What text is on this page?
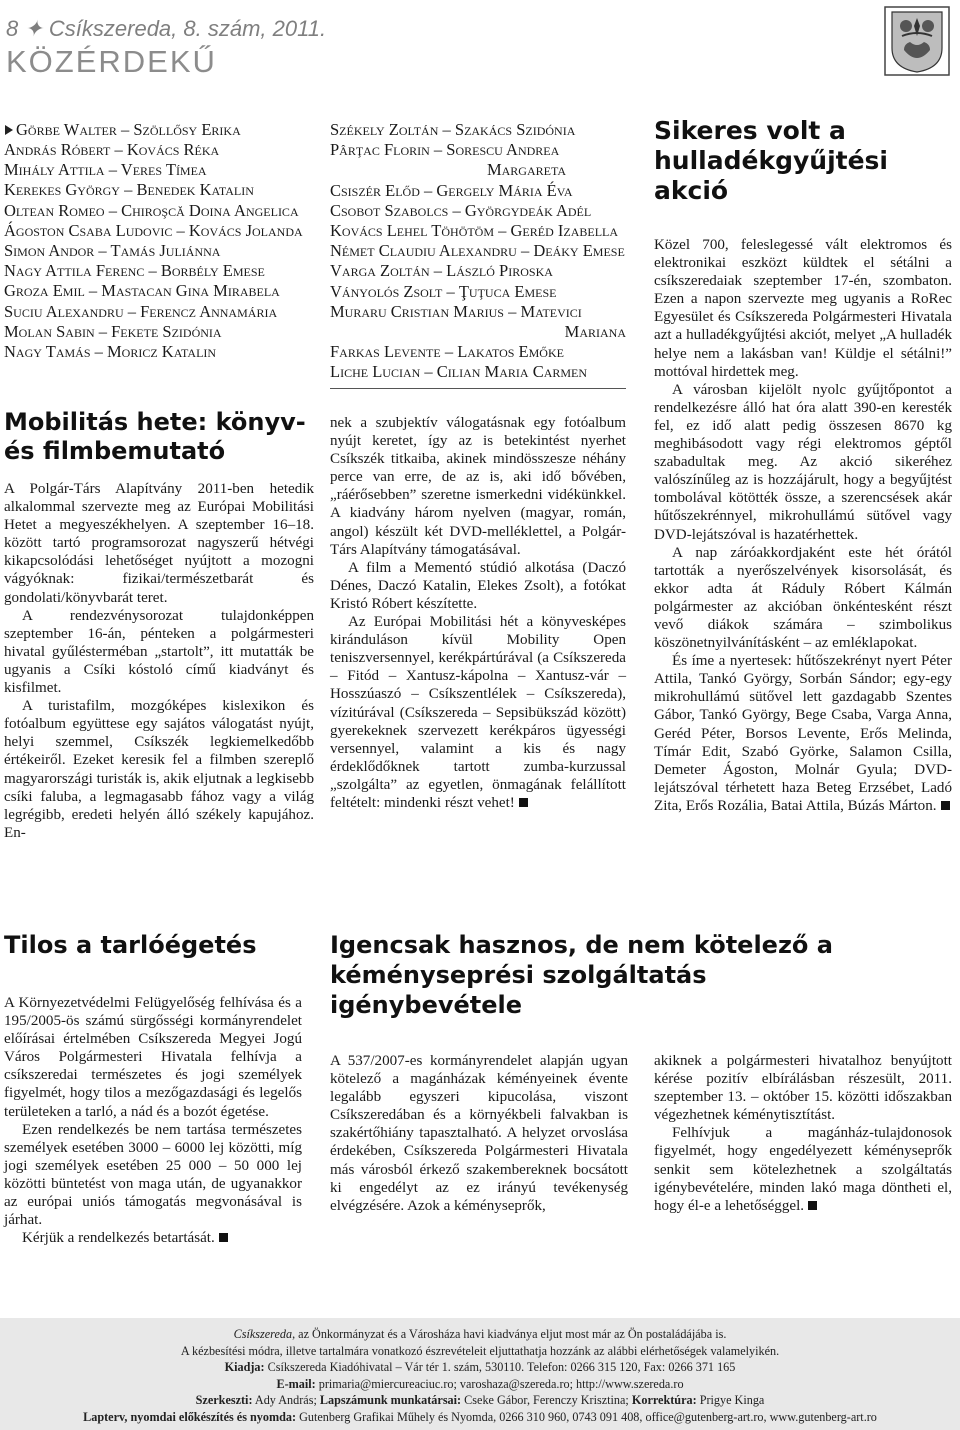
8 ✦ Csíkszereda, 8. szám, 2011.
KÖZÉRDEKŰ
Görbe Walter – Szöllősy Erika
András Róbert – Kovács Réka
Mihály Attila – Veres Tímea
Kerekes György – Benedek Katalin
Oltean Romeo – Chiroşcă Doina Angelica
Ágoston Csaba Ludovic – Kovács Jolanda
Simon Andor – Tamás Juliánna
Nagy Attila Ferenc – Borbély Emese
Groza Emil – Mastacan Gina Mirabela
Suciu Alexandru – Ferencz Annamária
Molan Sabin – Fekete Szidónia
Nagy Tamás – Moricz Katalin
Székely Zoltán – Szakács Szidónia
Pârţac Florin – Sorescu Andrea
Margareta
Csiszér Előd – Gergely Mária Éva
Csobot Szabolcs – Györgydeák Adél
Kovács Lehel Töhötöm – Geréd Izabella
Német Claudiu Alexandru – Deáky Emese
Varga Zoltán – László Piroska
Ványolós Zsolt – Ţuţuca Emese
Muraru Cristian Marius – Matevici
Mariana
Farkas Levente – Lakatos Emőke
Liche Lucian – Cilian Maria Carmen
Mobilitás hete: könyv- és filmbemutató

A Polgár-Társ Alapítvány 2011-ben hetedik alkalommal szervezte meg az Európai Mobilitási Hetet a megyeszékhelyen. A szeptember 16–18. között tartó programsorozat nagyszerű hétvégi kikapcsolódási lehetőséget nyújtott a mozogni vágyóknak: fizikai/természetbarát és gondolati/könyvbarát teret.

A rendezvénysorozat tulajdonképpen szeptember 16-án, pénteken a polgármesteri hivatal gyűlésterméban „startolt”, itt mutatták be ugyanis a Csíki kóstoló című kiadványt és kisfilmet.

A turistafilm, mozgóképes kislexikon és fotóalbum együttese egy sajátos válogatást nyújt, helyi szemmel, Csíkszék legkiemelkedőbb értékeiről. Ezeket keresik fel a filmben szereplő magyarországi turisták is, akik eljutnak a legkisebb csíki faluba, a legmagasabb fához vagy a világ legrégibb, eredeti helyén álló székely kapujához. En-

nek a szubjektív válogatásnak egy fotóalbum nyújt keretet, így az is betekintést nyerhet Csíkszék titkaiba, akinek mindösszesze néhány perce van erre, de az is, aki idő bővében, „ráérősebben” szeretne ismerkedni vidékünkkel. A kiadvány három nyelven (magyar, román, angol) készült két DVD-melléklettel, a Polgár-Társ Alapítvány támogatásával.

A film a Mementó stúdió alkotása (Daczó Dénes, Daczó Katalin, Elekes Zsolt), a fotókat Kristó Róbert készítette.

Az Európai Mobilitási hét a könyvesképes kiránduláson kívül Mobility Open teniszversennyel, kerékpártúrával (a Csíkszereda – Fitód – Xantusz-kápolna – Xantusz-vár – Hosszúaszó – Csíkszentlélek – Csíkszereda), vízitúrával (Csíkszereda – Sepsibükszád között) gyerekeknek szervezett kerékpáros ügyességi versennyel, valamint a kis és nagy érdeklődőknek tartott zumba-kurzussal „szolgálta” az egyetlen, önmagának felállított feltételt: mindenki részt vehet!

Sikeres volt a hulladékgyűjtési akció

Közel 700, feleslegessé vált elektromos és elektronikai eszközt küldtek el sétálni a csíkszeredaiak szeptember 17-én, szombaton. Ezen a napon szervezte meg ugyanis a RoRec Egyesület és Csíkszereda Polgármesteri Hivatala azt a hulladékgyűjtési akciót, melyet „A hulladék helye nem a lakásban van! Küldje el sétálni!” mottóval hirdettek meg.

A városban kijelölt nyolc gyűjtőpontot a rendelkezésre álló hat óra alatt 390-en keresték fel, ez idő alatt pedig összesen 8670 kg meghibásodott vagy régi elektromos géptől szabadultak meg. Az akció sikeréhez valószínűleg az is hozzájárult, hogy a begyűjtést tombolával kötötték össze, a szerencsések akár hűtőszekrénnyel, mikrohullámú sütővel vagy DVD-lejátszóval is hazatérhettek.

A nap záróakkordjaként este hét órától tartották a nyerőszelvények kisorsolását, és ekkor adta át Ráduly Róbert Kálmán polgármester az akcióban önkéntesként részt vevő diákok számára – szimbolikus köszönetnyilvánításként – az emléklapokat.

És íme a nyertesek: hűtőszekrényt nyert Péter Attila, Tankó György, Sorbán Sándor; egy-egy mikrohullámú sütővel lett gazdagabb Szentes Gábor, Tankó György, Bege Csaba, Varga Anna, Geréd Péter, Borsos Levente, Erős Melinda, Tímár Edit, Szabó Györke, Salamon Csilla, Demeter Ágoston, Molnár Gyula; DVD-lejátszóval térhetett haza Beteg Erzsébet, Ladó Zita, Erős Rozália, Batai Attila, Búzás Márton.

Tilos a tarlóégetés

A Környezetvédelmi Felügyelőség felhívása és a 195/2005-ös számú sürgősségi kormányrendelet előírásai értelmében Csíkszereda Megyei Jogú Város Polgármesteri Hivatala felhívja a csíkszeredai természetes és jogi személyek figyelmét, hogy tilos a mezőgazdasági és legelős területeken a tarló, a nád és a bozót égetése.

Ezen rendelkezés be nem tartása természetes személyek esetében 3000 – 6000 lej közötti, míg jogi személyek esetében 25 000 – 50 000 lej közötti büntetést von maga után, de ugyanakkor az európai uniós támogatás megvonásával is járhat.

Kérjük a rendelkezés betartását.

Igencsak hasznos, de nem kötelező a kéményseprési szolgáltatás igénybevétele

A 537/2007-es kormányrendelet alapján ugyan kötelező a magánházak kéményeinek évente legalább egyszeri kipucolása, viszont Csíkszeredában és a környékbeli falvakban is szakértőhiány tapasztalható. A helyzet orvoslása érdekében, Csíkszereda Polgármesteri Hivatala más városból érkező szakembereknek bocsátott ki engedélyt az ez irányú tevékenység elvégzésére. Azok a kéményseprők,

akiknek a polgármesteri hivatalhoz benyújtott kérése pozitív elbírálásban részesült, 2011. szeptember 13. – október 15. közötti időszakban végezhetnek kéménytisztítást.

Felhívjuk a magánház-tulajdonosok figyelmét, hogy engedélyezett kéményseprők senkit sem kötelezhetnek a szolgáltatás igénybevételére, minden lakó maga döntheti el, hogy él-e a lehetőséggel.

Csíkszereda, az Önkormányzat és a Városháza havi kiadványa eljut most már az Ön postaládájába is.
A kézbesítési módra, illetve tartalmára vonatkozó észrevételeit eljuttathatja hozzánk az alábbi elérhetőségek valamelyikén.
Kiadja: Csíkszereda Kiadóhivatal – Vár tér 1. szám, 530110. Telefon: 0266 315 120, Fax: 0266 371 165
E-mail: primaria@miercureaciuc.ro; varoshaza@szereda.ro; http://www.szereda.ro
Szerkeszti: Ady András; Lapszámunk munkatársai: Cseke Gábor, Ferenczy Krisztina; Korrektúra: Prigye Kinga
Lapterv, nyomdai előkészítés és nyomda: Gutenberg Grafikai Műhely és Nyomda, 0266 310 960, 0743 091 408, office@gutenberg-art.ro, www.gutenberg-art.ro
